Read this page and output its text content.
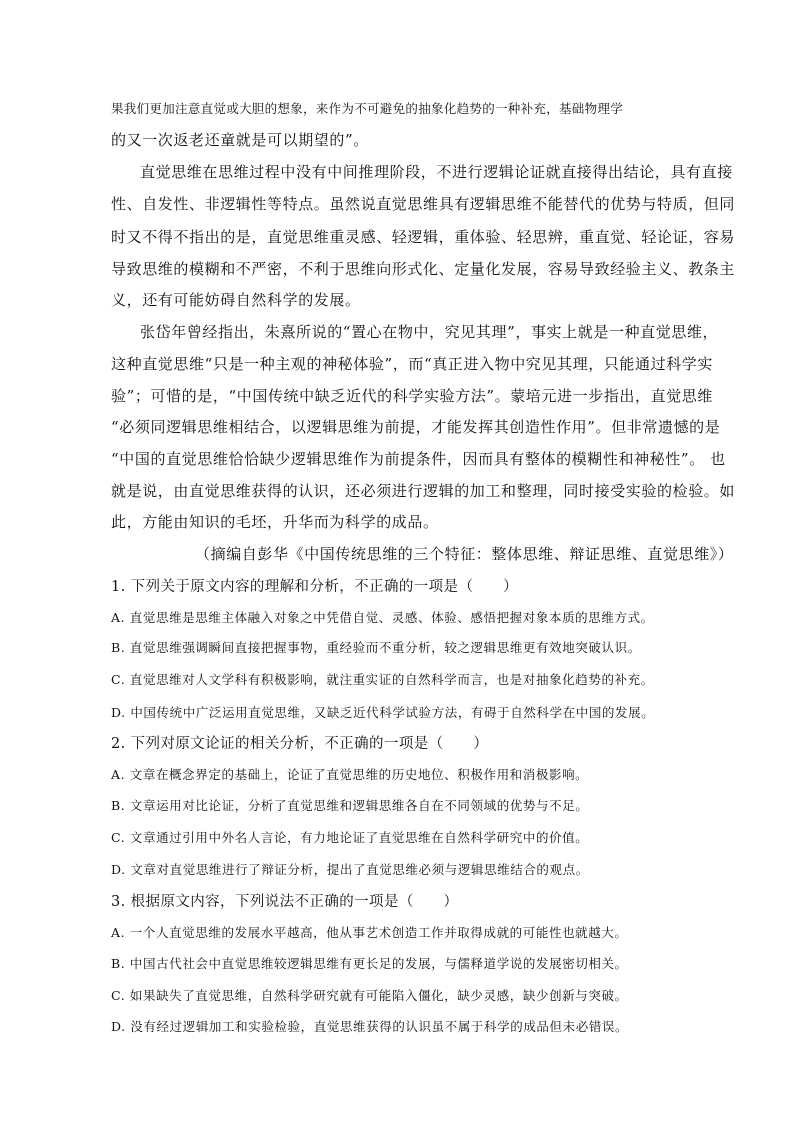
果我们更加注意直觉或大胆的想象，来作为不可避免的抽象化趋势的一种补充，基础物理学
的又一次返老还童就是可以期望的”。
直觉思维在思维过程中没有中间推理阶段，不进行逻辑论证就直接得出结论，具有直接
性、自发性、非逻辑性等特点。虽然说直觉思维具有逻辑思维不能替代的优势与特质，但同
时又不得不指出的是，直觉思维重灵感、轻逻辑，重体验、轻思辨，重直觉、轻论证，容易
导致思维的模糊和不严密，不利于思维向形式化、定量化发展，容易导致经验主义、教条主
义，还有可能妨碍自然科学的发展。
张岱年曾经指出，朱熹所说的“置心在物中，究见其理”，事实上就是一种直觉思维，
这种直觉思维“只是一种主观的神秘体验”，而“真正进入物中究见其理，只能通过科学实
验”；可惜的是，“中国传统中缺乏近代的科学实验方法”。蒙培元进一步指出，直觉思维
“必须同逻辑思维相结合，以逻辑思维为前提，才能发挥其创造性作用”。但非常遗憾的是
“中国的直觉思维恰恰缺少逻辑思维作为前提条件，因而具有整体的模糊性和神秘性”。 也
就是说，由直觉思维获得的认识，还必须进行逻辑的加工和整理，同时接受实验的检验。如
此，方能由知识的毛坯，升华而为科学的成品。
（摘编自彭华《中国传统思维的三个特征：整体思维、辩证思维、直觉思维》）
1. 下列关于原文内容的理解和分析，不正确的一项是（　　）
A. 直觉思维是思维主体融入对象之中凭借自觉、灵感、体验、感悟把握对象本质的思维方式。
B. 直觉思维强调瞬间直接把握事物，重经验而不重分析，较之逻辑思维更有效地突破认识。
C. 直觉思维对人文学科有积极影响，就注重实证的自然科学而言，也是对抽象化趋势的补充。
D. 中国传统中广泛运用直觉思维，又缺乏近代科学试验方法，有碍于自然科学在中国的发展。
2. 下列对原文论证的相关分析，不正确的一项是（　　）
A. 文章在概念界定的基础上，论证了直觉思维的历史地位、积极作用和消极影响。
B. 文章运用对比论证，分析了直觉思维和逻辑思维各自在不同领域的优势与不足。
C. 文章通过引用中外名人言论，有力地论证了直觉思维在自然科学研究中的价值。
D. 文章对直觉思维进行了辩证分析，提出了直觉思维必须与逻辑思维结合的观点。
3. 根据原文内容，下列说法不正确的一项是（　　）
A. 一个人直觉思维的发展水平越高，他从事艺术创造工作并取得成就的可能性也就越大。
B. 中国古代社会中直觉思维较逻辑思维有更长足的发展，与儒释道学说的发展密切相关。
C. 如果缺失了直觉思维，自然科学研究就有可能陷入僵化，缺少灵感，缺少创新与突破。
D. 没有经过逻辑加工和实验检验，直觉思维获得的认识虽不属于科学的成品但未必错误。
